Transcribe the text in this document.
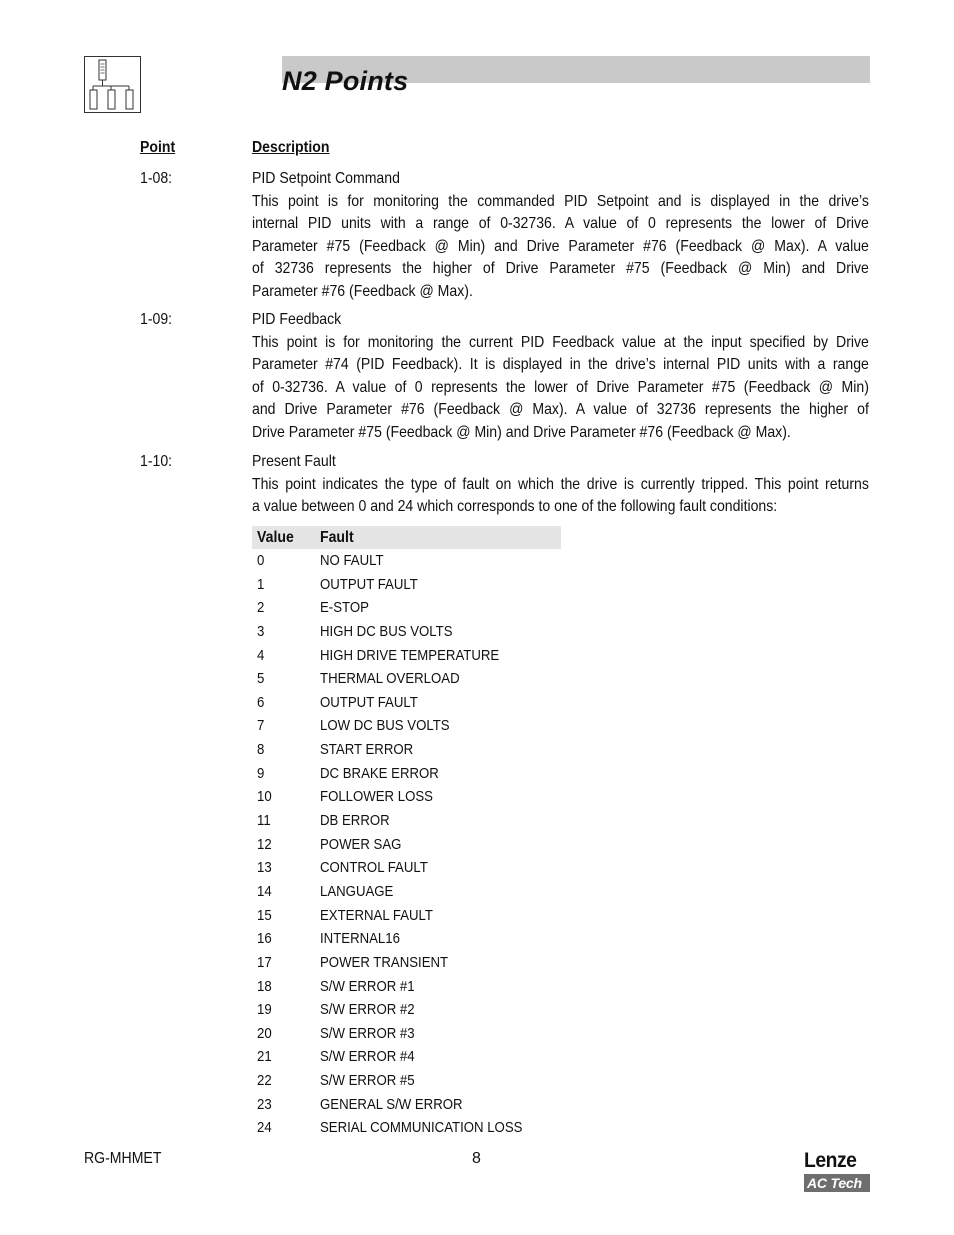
N2 Points
Point	Description
1-08:	PID Setpoint Command
This point is for monitoring the commanded PID Setpoint and is displayed in the drive’s
internal PID units with a range of 0-32736. A value of 0 represents the lower of Drive
Parameter #75 (Feedback @ Min) and Drive Parameter #76 (Feedback @ Max). A value
of 32736 represents the higher of Drive Parameter #75 (Feedback @ Min) and Drive
Parameter #76 (Feedback @ Max).
1-09:	PID Feedback
This point is for monitoring the current PID Feedback value at the input specified by Drive
Parameter #74 (PID Feedback). It is displayed in the drive’s internal PID units with a range
of 0-32736. A value of 0 represents the lower of Drive Parameter #75 (Feedback @ Min)
and Drive Parameter #76 (Feedback @ Max). A value of 32736 represents the higher of
Drive Parameter #75 (Feedback @ Min) and Drive Parameter #76 (Feedback @ Max).
1-10:	Present Fault
This point indicates the type of fault on which the drive is currently tripped. This point returns
a value between 0 and 24 which corresponds to one of the following fault conditions:
Value Fault
0	NO FAULT
1	OUTPUT FAULT
2	E-STOP
3	HIGH DC BUS VOLTS
4	HIGH DRIVE TEMPERATURE
5	THERMAL OVERLOAD
6	OUTPUT FAULT
7	LOW DC BUS VOLTS
8	START ERROR
9	DC BRAKE ERROR
10	FOLLOWER LOSS
11	DB ERROR
12	POWER SAG
13	CONTROL FAULT
14	LANGUAGE
15	EXTERNAL FAULT
16	INTERNAL16
17	POWER TRANSIENT
18	S/W ERROR #1
19	S/W ERROR #2
20	S/W ERROR #3
21	S/W ERROR #4
22	S/W ERROR #5
23	GENERAL S/W ERROR
24	SERIAL COMMUNICATION LOSS
RG-MHMET	8	Lenze
AC Tech
